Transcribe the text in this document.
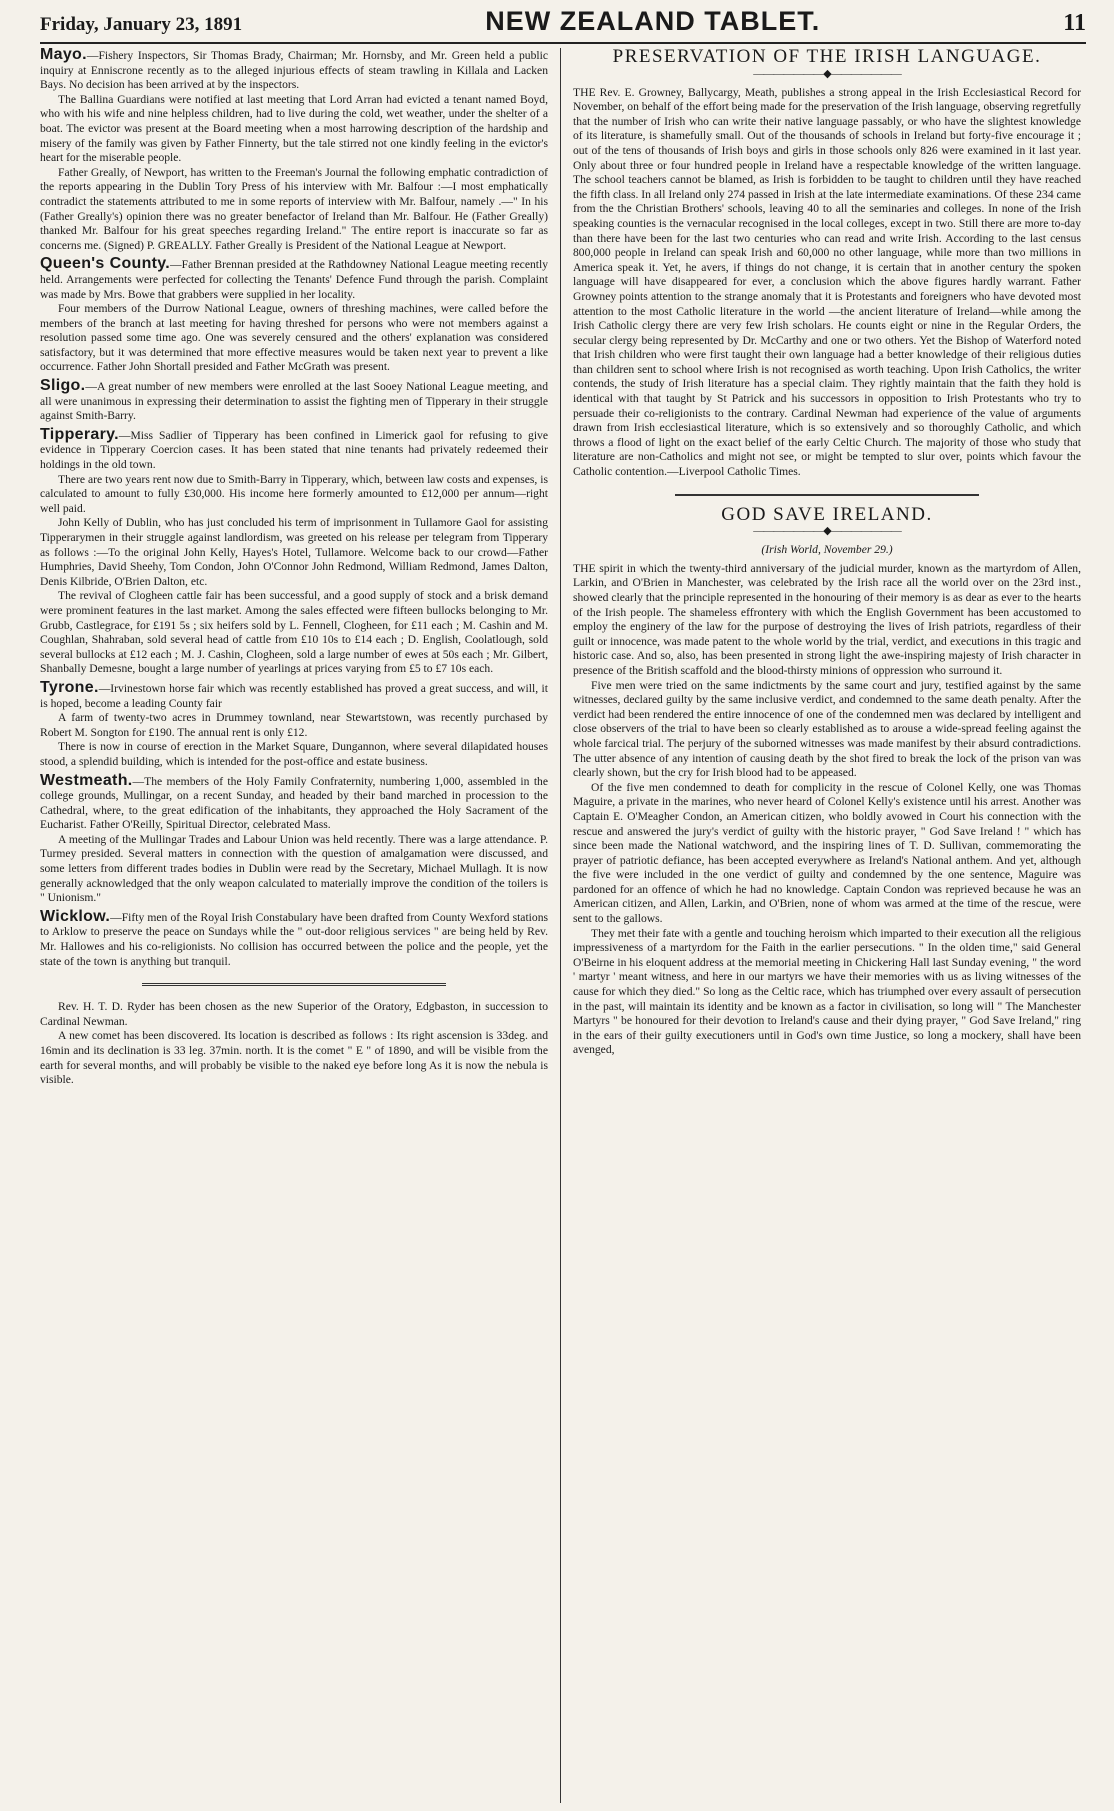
Friday, January 23, 1891	NEW ZEALAND TABLET.	11

Mayo.—Fishery Inspectors, Sir Thomas Brady, Chairman; Mr. Hornsby, and Mr. Green held a public inquiry at Enniscrone recently as to the alleged injurious effects of steam trawling in Killala and Lacken Bays. No decision has been arrived at by the inspectors.

The Ballina Guardians were notified at last meeting that Lord Arran had evicted a tenant named Boyd, who with his wife and nine helpless children, had to live during the cold, wet weather, under the shelter of a boat. The evictor was present at the Board meeting when a most harrowing description of the hardship and misery of the family was given by Father Finnerty, but the tale stirred not one kindly feeling in the evictor's heart for the miserable people.

Father Greally, of Newport, has written to the Freeman's Journal the following emphatic contradiction of the reports appearing in the Dublin Tory Press of his interview with Mr. Balfour :—I most emphatically contradict the statements attributed to me in some reports of interview with Mr. Balfour, namely .—" In his (Father Greally's) opinion there was no greater benefactor of Ireland than Mr. Balfour. He (Father Greally) thanked Mr. Balfour for his great speeches regarding Ireland." The entire report is inaccurate so far as concerns me. (Signed) P. GREALLY. Father Greally is President of the National League at Newport.

Queen's County.—Father Brennan presided at the Rathdowney National League meeting recently held. Arrangements were perfected for collecting the Tenants' Defence Fund through the parish. Complaint was made by Mrs. Bowe that grabbers were supplied in her locality.

Four members of the Durrow National League, owners of threshing machines, were called before the members of the branch at last meeting for having threshed for persons who were not members against a resolution passed some time ago. One was severely censured and the others' explanation was considered satisfactory, but it was determined that more effective measures would be taken next year to prevent a like occurrence. Father John Shortall presided and Father McGrath was present.

Sligo.—A great number of new members were enrolled at the last Sooey National League meeting, and all were unanimous in expressing their determination to assist the fighting men of Tipperary in their struggle against Smith-Barry.

Tipperary.—Miss Sadlier of Tipperary has been confined in Limerick gaol for refusing to give evidence in Tipperary Coercion cases. It has been stated that nine tenants had privately redeemed their holdings in the old town.

There are two years rent now due to Smith-Barry in Tipperary, which, between law costs and expenses, is calculated to amount to fully £30,000. His income here formerly amounted to £12,000 per annum—right well paid.

John Kelly of Dublin, who has just concluded his term of imprisonment in Tullamore Gaol for assisting Tipperarymen in their struggle against landlordism, was greeted on his release per telegram from Tipperary as follows :—To the original John Kelly, Hayes's Hotel, Tullamore. Welcome back to our crowd—Father Humphries, David Sheehy, Tom Condon, John O'Connor John Redmond, William Redmond, James Dalton, Denis Kilbride, O'Brien Dalton, etc.

The revival of Clogheen cattle fair has been successful, and a good supply of stock and a brisk demand were prominent features in the last market. Among the sales effected were fifteen bullocks belonging to Mr. Grubb, Castlegrace, for £191 5s ; six heifers sold by L. Fennell, Clogheen, for £11 each ; M. Cashin and M. Coughlan, Shahraban, sold several head of cattle from £10 10s to £14 each ; D. English, Coolatlough, sold several bullocks at £12 each ; M. J. Cashin, Clogheen, sold a large number of ewes at 50s each ; Mr. Gilbert, Shanbally Demesne, bought a large number of yearlings at prices varying from £5 to £7 10s each.

Tyrone.—Irvinestown horse fair which was recently established has proved a great success, and will, it is hoped, become a leading County fair

A farm of twenty-two acres in Drummey townland, near Stewartstown, was recently purchased by Robert M. Songton for £190. The annual rent is only £12.

There is now in course of erection in the Market Square, Dungannon, where several dilapidated houses stood, a splendid building, which is intended for the post-office and estate business.

Westmeath.—The members of the Holy Family Confraternity, numbering 1,000, assembled in the college grounds, Mullingar, on a recent Sunday, and headed by their band marched in procession to the Cathedral, where, to the great edification of the inhabitants, they approached the Holy Sacrament of the Eucharist. Father O'Reilly, Spiritual Director, celebrated Mass.

A meeting of the Mullingar Trades and Labour Union was held recently. There was a large attendance. P. Turmey presided. Several matters in connection with the question of amalgamation were discussed, and some letters from different trades bodies in Dublin were read by the Secretary, Michael Mullagh. It is now generally acknowledged that the only weapon calculated to materially improve the condition of the toilers is " Unionism."

Wicklow.—Fifty men of the Royal Irish Constabulary have been drafted from County Wexford stations to Arklow to preserve the peace on Sundays while the " out-door religious services " are being held by Rev. Mr. Hallowes and his co-religionists. No collision has occurred between the police and the people, yet the state of the town is anything but tranquil.

Rev. H. T. D. Ryder has been chosen as the new Superior of the Oratory, Edgbaston, in succession to Cardinal Newman.

A new comet has been discovered. Its location is described as follows : Its right ascension is 33deg. and 16min and its declination is 33 leg. 37min. north. It is the comet " E " of 1890, and will be visible from the earth for several months, and will probably be visible to the naked eye before long As it is now the nebula is visible.

PRESERVATION OF THE IRISH LANGUAGE.
———————◆———————

THE Rev. E. Growney, Ballycargy, Meath, publishes a strong appeal in the Irish Ecclesiastical Record for November, on behalf of the effort being made for the preservation of the Irish language, observing regretfully that the number of Irish who can write their native language passably, or who have the slightest knowledge of its literature, is shamefully small. Out of the thousands of schools in Ireland but forty-five encourage it ; out of the tens of thousands of Irish boys and girls in those schools only 826 were examined in it last year. Only about three or four hundred people in Ireland have a respectable knowledge of the written language. The school teachers cannot be blamed, as Irish is forbidden to be taught to children until they have reached the fifth class. In all Ireland only 274 passed in Irish at the late intermediate examinations. Of these 234 came from the the Christian Brothers' schools, leaving 40 to all the seminaries and colleges. In none of the Irish speaking counties is the vernacular recognised in the local colleges, except in two. Still there are more to-day than there have been for the last two centuries who can read and write Irish. According to the last census 800,000 people in Ireland can speak Irish and 60,000 no other language, while more than two millions in America speak it. Yet, he avers, if things do not change, it is certain that in another century the spoken language will have disappeared for ever, a conclusion which the above figures hardly warrant. Father Growney points attention to the strange anomaly that it is Protestants and foreigners who have devoted most attention to the most Catholic literature in the world —the ancient literature of Ireland—while among the Irish Catholic clergy there are very few Irish scholars. He counts eight or nine in the Regular Orders, the secular clergy being represented by Dr. McCarthy and one or two others. Yet the Bishop of Waterford noted that Irish children who were first taught their own language had a better knowledge of their religious duties than children sent to school where Irish is not recognised as worth teaching. Upon Irish Catholics, the writer contends, the study of Irish literature has a special claim. They rightly maintain that the faith they hold is identical with that taught by St Patrick and his successors in opposition to Irish Protestants who try to persuade their co-religionists to the contrary. Cardinal Newman had experience of the value of arguments drawn from Irish ecclesiastical literature, which is so extensively and so thoroughly Catholic, and which throws a flood of light on the exact belief of the early Celtic Church. The majority of those who study that literature are non-Catholics and might not see, or might be tempted to slur over, points which favour the Catholic contention.—Liverpool Catholic Times.

GOD SAVE IRELAND.
———————◆———————
(Irish World, November 29.)

THE spirit in which the twenty-third anniversary of the judicial murder, known as the martyrdom of Allen, Larkin, and O'Brien in Manchester, was celebrated by the Irish race all the world over on the 23rd inst., showed clearly that the principle represented in the honouring of their memory is as dear as ever to the hearts of the Irish people. The shameless effrontery with which the English Government has been accustomed to employ the enginery of the law for the purpose of destroying the lives of Irish patriots, regardless of their guilt or innocence, was made patent to the whole world by the trial, verdict, and executions in this tragic and historic case. And so, also, has been presented in strong light the awe-inspiring majesty of Irish character in presence of the British scaffold and the blood-thirsty minions of oppression who surround it.

Five men were tried on the same indictments by the same court and jury, testified against by the same witnesses, declared guilty by the same inclusive verdict, and condemned to the same death penalty. After the verdict had been rendered the entire innocence of one of the condemned men was declared by intelligent and close observers of the trial to have been so clearly established as to arouse a wide-spread feeling against the whole farcical trial. The perjury of the suborned witnesses was made manifest by their absurd contradictions. The utter absence of any intention of causing death by the shot fired to break the lock of the prison van was clearly shown, but the cry for Irish blood had to be appeased.

Of the five men condemned to death for complicity in the rescue of Colonel Kelly, one was Thomas Maguire, a private in the marines, who never heard of Colonel Kelly's existence until his arrest. Another was Captain E. O'Meagher Condon, an American citizen, who boldly avowed in Court his connection with the rescue and answered the jury's verdict of guilty with the historic prayer, " God Save Ireland ! " which has since been made the National watchword, and the inspiring lines of T. D. Sullivan, commemorating the prayer of patriotic defiance, has been accepted everywhere as Ireland's National anthem. And yet, although the five were included in the one verdict of guilty and condemned by the one sentence, Maguire was pardoned for an offence of which he had no knowledge. Captain Condon was reprieved because he was an American citizen, and Allen, Larkin, and O'Brien, none of whom was armed at the time of the rescue, were sent to the gallows.

They met their fate with a gentle and touching heroism which imparted to their execution all the religious impressiveness of a martyrdom for the Faith in the earlier persecutions. " In the olden time," said General O'Beirne in his eloquent address at the memorial meeting in Chickering Hall last Sunday evening, " the word ' martyr ' meant witness, and here in our martyrs we have their memories with us as living witnesses of the cause for which they died." So long as the Celtic race, which has triumphed over every assault of persecution in the past, will maintain its identity and be known as a factor in civilisation, so long will " The Manchester Martyrs " be honoured for their devotion to Ireland's cause and their dying prayer, " God Save Ireland," ring in the ears of their guilty executioners until in God's own time Justice, so long a mockery, shall have been avenged,
